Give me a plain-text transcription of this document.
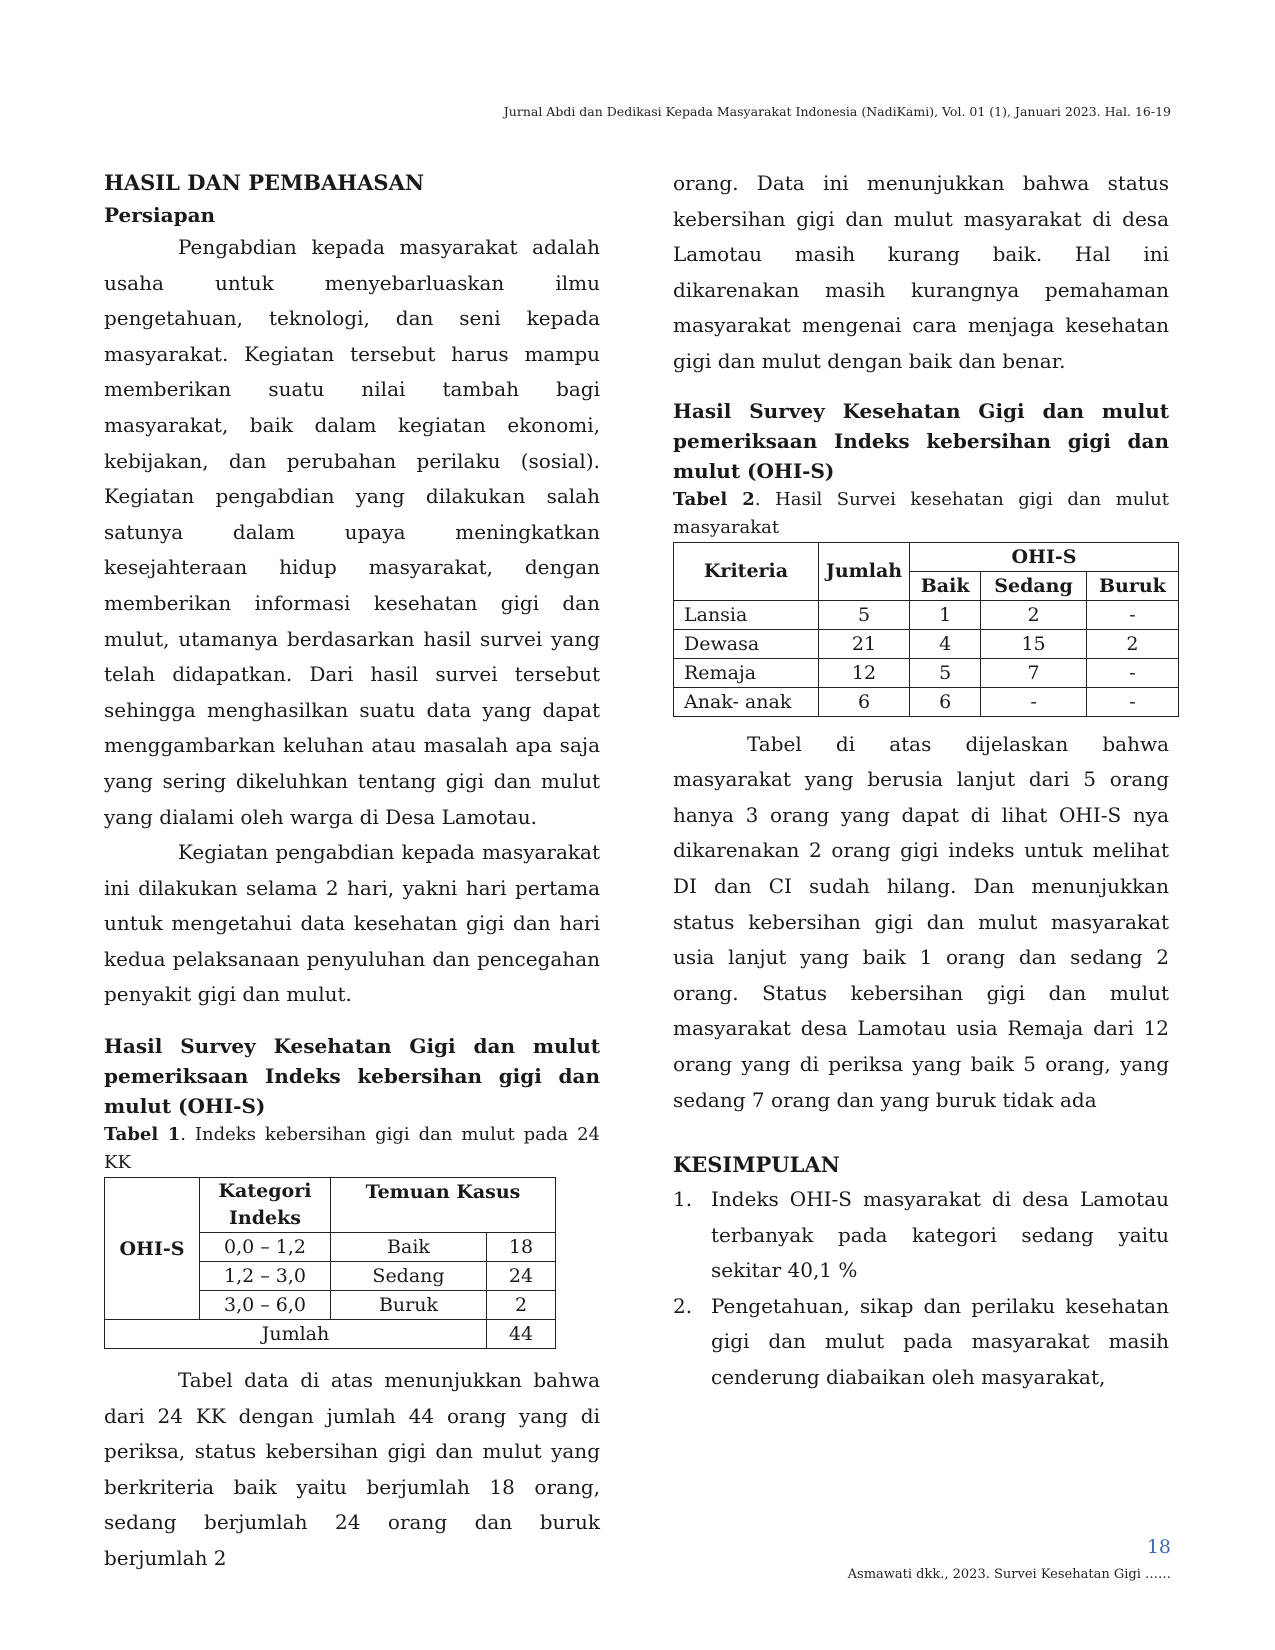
Jurnal Abdi dan Dedikasi Kepada Masyarakat Indonesia (NadiKami), Vol. 01 (1), Januari 2023. Hal. 16-19
HASIL DAN PEMBAHASAN
Persiapan

Pengabdian kepada masyarakat adalah usaha untuk menyebarluaskan ilmu pengetahuan, teknologi, dan seni kepada masyarakat. Kegiatan tersebut harus mampu memberikan suatu nilai tambah bagi masyarakat, baik dalam kegiatan ekonomi, kebijakan, dan perubahan perilaku (sosial). Kegiatan pengabdian yang dilakukan salah satunya dalam upaya meningkatkan kesejahteraan hidup masyarakat, dengan memberikan informasi kesehatan gigi dan mulut, utamanya berdasarkan hasil survei yang telah didapatkan. Dari hasil survei tersebut sehingga menghasilkan suatu data yang dapat menggambarkan keluhan atau masalah apa saja yang sering dikeluhkan tentang gigi dan mulut yang dialami oleh warga di Desa Lamotau.

Kegiatan pengabdian kepada masyarakat ini dilakukan selama 2 hari, yakni hari pertama untuk mengetahui data kesehatan gigi dan hari kedua pelaksanaan penyuluhan dan pencegahan penyakit gigi dan mulut.

Hasil Survey Kesehatan Gigi dan mulut pemeriksaan Indeks kebersihan gigi dan mulut (OHI-S)

Tabel 1. Indeks kebersihan gigi dan mulut pada 24 KK

OHI-S	Kategori Indeks	Temuan Kasus	
	0,0 – 1,2	Baik	18
	1,2 – 3,0	Sedang	24
	3,0 – 6,0	Buruk	2
Jumlah			44

Tabel data di atas menunjukkan bahwa dari 24 KK dengan jumlah 44 orang yang di periksa, status kebersihan gigi dan mulut yang berkriteria baik yaitu berjumlah 18 orang, sedang berjumlah 24 orang dan buruk berjumlah 2

orang. Data ini menunjukkan bahwa status kebersihan gigi dan mulut masyarakat di desa Lamotau masih kurang baik. Hal ini dikarenakan masih kurangnya pemahaman masyarakat mengenai cara menjaga kesehatan gigi dan mulut dengan baik dan benar.

Hasil Survey Kesehatan Gigi dan mulut pemeriksaan Indeks kebersihan gigi dan mulut (OHI-S)

Tabel 2. Hasil Survei kesehatan gigi dan mulut masyarakat

Kriteria	Jumlah	OHI-S		
		Baik	Sedang	Buruk
Lansia	5	1	2	-
Dewasa	21	4	15	2
Remaja	12	5	7	-
Anak- anak	6	6	-	-

Tabel di atas dijelaskan bahwa masyarakat yang berusia lanjut dari 5 orang hanya 3 orang yang dapat di lihat OHI-S nya dikarenakan 2 orang gigi indeks untuk melihat DI dan CI sudah hilang. Dan menunjukkan status kebersihan gigi dan mulut masyarakat usia lanjut yang baik 1 orang dan sedang 2 orang. Status kebersihan gigi dan mulut masyarakat desa Lamotau usia Remaja dari 12 orang yang di periksa yang baik 5 orang, yang sedang 7 orang dan yang buruk tidak ada

KESIMPULAN
1. Indeks OHI-S masyarakat di desa Lamotau terbanyak pada kategori sedang yaitu sekitar 40,1 %
2. Pengetahuan, sikap dan perilaku kesehatan gigi dan mulut pada masyarakat masih cenderung diabaikan oleh masyarakat,
18
Asmawati dkk., 2023. Survei Kesehatan Gigi ……
